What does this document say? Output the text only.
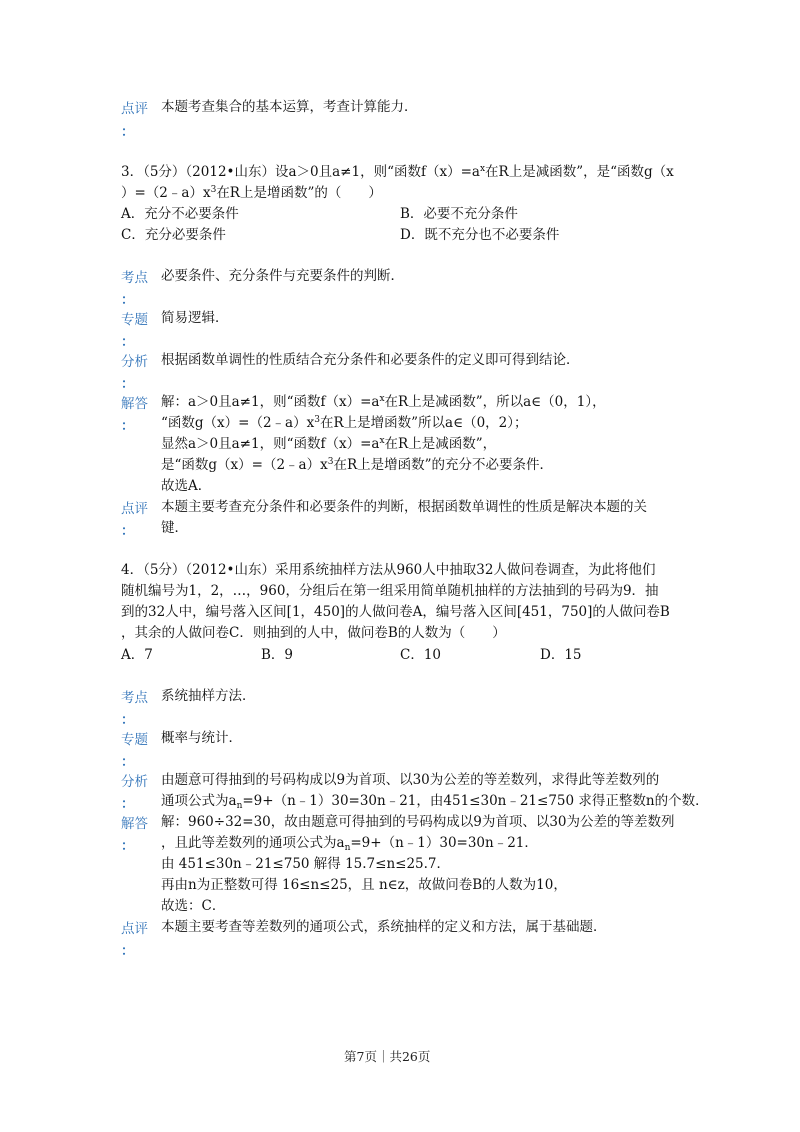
点评 本题考查集合的基本运算，考查计算能力．
：
3．（5分）（2012•山东）设a＞0且a≠1，则“函数$f(x)=a^x$在R上是减函数”，是“函数g（x
）$=(2﹣a)x^3$在R上是增函数”的（　　）
A．充分不必要条件	B．必要不充分条件
C．充分必要条件	D．既不充分也不必要条件
考点 必要条件、充分条件与充要条件的判断．
：
专题 简易逻辑．
：
分析 根据函数单调性的性质结合充分条件和必要条件的定义即可得到结论．
：
解答 解：a＞0且a≠1，则“函数$f(x)=a^x$在R上是减函数”，所以a∈（0，1），
： “函数$g(x)=(2﹣a)x^3$在R上是增函数”所以a∈（0，2）；
显然a＞0且a≠1，则“函数$f(x)=a^x$在R上是减函数”，
是“函数$g(x)=(2﹣a)x^3$在R上是增函数”的充分不必要条件．
故选A．
点评 本题主要考查充分条件和必要条件的判断，根据函数单调性的性质是解决本题的关
： 键．
4．（5分）（2012•山东）采用系统抽样方法从960人中抽取32人做问卷调查，为此将他们
随机编号为1，2，…，960，分组后在第一组采用简单随机抽样的方法抽到的号码为9．抽
到的32人中，编号落入区间[1，450]的人做问卷A，编号落入区间[451，750]的人做问卷B
，其余的人做问卷C．则抽到的人中，做问卷B的人数为（　　）
A．7	B．9	C．10	D．15
考点 系统抽样方法．
：
专题 概率与统计．
：
分析 由题意可得抽到的号码构成以9为首项、以30为公差的等差数列，求得此等差数列的
： 通项公式为$a_n=9+(n﹣1)30=30n﹣21$，由451≤30n﹣21≤750 求得正整数n的个数．
解答 解：960÷32=30，故由题意可得抽到的号码构成以9为首项、以30为公差的等差数列
： ，且此等差数列的通项公式为$a_n=9+(n﹣1)30=30n﹣21$．
由 451≤30n﹣21≤750 解得 15.7≤n≤25.7．
再由n为正整数可得 16≤n≤25，且 n∈z，故做问卷B的人数为10，
故选：C．
点评 本题主要考查等差数列的通项公式，系统抽样的定义和方法，属于基础题．
：
第7页｜共26页
